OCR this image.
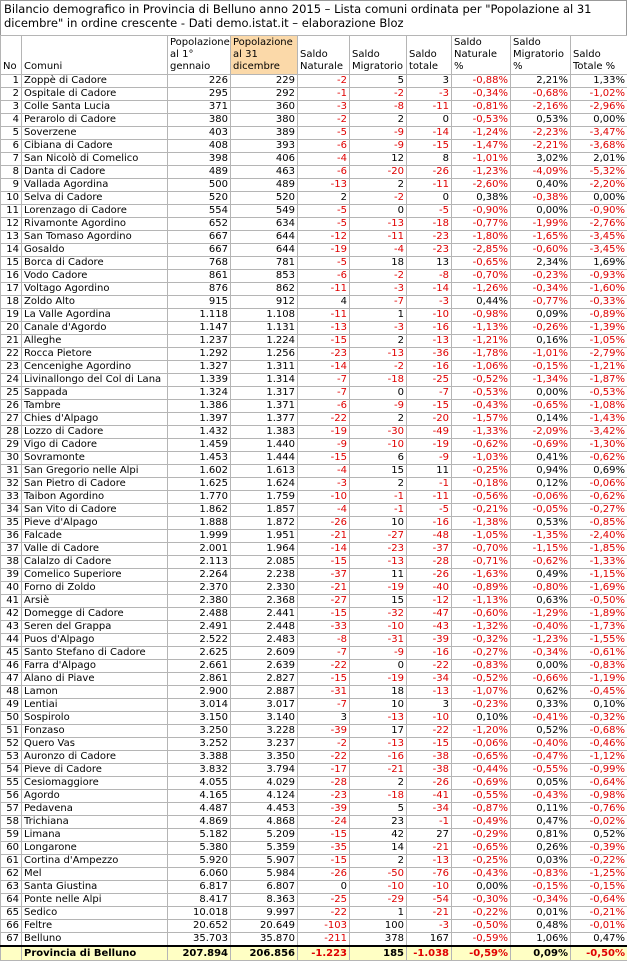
Bilancio demografico in Provincia di Belluno anno 2015 – Lista comuni ordinata per "Popolazione al 31 dicembre" in ordine crescente - Dati demo.istat.it – elaborazione Bloz
No	Comuni	Popolazione al 1° gennaio	Popolazione al 31 dicembre	Saldo Naturale	Saldo Migratorio	Saldo totale	Saldo Naturale %	Saldo Migratorio %	Saldo Totale %
1	Zoppè di Cadore	226	229	-2	5	3	-0,88%	2,21%	1,33%
2	Ospitale di Cadore	295	292	-1	-2	-3	-0,34%	-0,68%	-1,02%
3	Colle Santa Lucia	371	360	-3	-8	-11	-0,81%	-2,16%	-2,96%
4	Perarolo di Cadore	380	380	-2	2	0	-0,53%	0,53%	0,00%
5	Soverzene	403	389	-5	-9	-14	-1,24%	-2,23%	-3,47%
6	Cibiana di Cadore	408	393	-6	-9	-15	-1,47%	-2,21%	-3,68%
7	San Nicolò di Comelico	398	406	-4	12	8	-1,01%	3,02%	2,01%
8	Danta di Cadore	489	463	-6	-20	-26	-1,23%	-4,09%	-5,32%
9	Vallada Agordina	500	489	-13	2	-11	-2,60%	0,40%	-2,20%
10	Selva di Cadore	520	520	2	-2	0	0,38%	-0,38%	0,00%
11	Lorenzago di Cadore	554	549	-5	0	-5	-0,90%	0,00%	-0,90%
12	Rivamonte Agordino	652	634	-5	-13	-18	-0,77%	-1,99%	-2,76%
13	San Tomaso Agordino	667	644	-12	-11	-23	-1,80%	-1,65%	-3,45%
14	Gosaldo	667	644	-19	-4	-23	-2,85%	-0,60%	-3,45%
15	Borca di Cadore	768	781	-5	18	13	-0,65%	2,34%	1,69%
16	Vodo Cadore	861	853	-6	-2	-8	-0,70%	-0,23%	-0,93%
17	Voltago Agordino	876	862	-11	-3	-14	-1,26%	-0,34%	-1,60%
18	Zoldo Alto	915	912	4	-7	-3	0,44%	-0,77%	-0,33%
19	La Valle Agordina	1.118	1.108	-11	1	-10	-0,98%	0,09%	-0,89%
20	Canale d'Agordo	1.147	1.131	-13	-3	-16	-1,13%	-0,26%	-1,39%
21	Alleghe	1.237	1.224	-15	2	-13	-1,21%	0,16%	-1,05%
22	Rocca Pietore	1.292	1.256	-23	-13	-36	-1,78%	-1,01%	-2,79%
23	Cencenighe Agordino	1.327	1.311	-14	-2	-16	-1,06%	-0,15%	-1,21%
24	Livinallongo del Col di Lana	1.339	1.314	-7	-18	-25	-0,52%	-1,34%	-1,87%
25	Sappada	1.324	1.317	-7	0	-7	-0,53%	0,00%	-0,53%
26	Tambre	1.386	1.371	-6	-9	-15	-0,43%	-0,65%	-1,08%
27	Chies d'Alpago	1.397	1.377	-22	2	-20	-1,57%	0,14%	-1,43%
28	Lozzo di Cadore	1.432	1.383	-19	-30	-49	-1,33%	-2,09%	-3,42%
29	Vigo di Cadore	1.459	1.440	-9	-10	-19	-0,62%	-0,69%	-1,30%
30	Sovramonte	1.453	1.444	-15	6	-9	-1,03%	0,41%	-0,62%
31	San Gregorio nelle Alpi	1.602	1.613	-4	15	11	-0,25%	0,94%	0,69%
32	San Pietro di Cadore	1.625	1.624	-3	2	-1	-0,18%	0,12%	-0,06%
33	Taibon Agordino	1.770	1.759	-10	-1	-11	-0,56%	-0,06%	-0,62%
34	San Vito di Cadore	1.862	1.857	-4	-1	-5	-0,21%	-0,05%	-0,27%
35	Pieve d'Alpago	1.888	1.872	-26	10	-16	-1,38%	0,53%	-0,85%
36	Falcade	1.999	1.951	-21	-27	-48	-1,05%	-1,35%	-2,40%
37	Valle di Cadore	2.001	1.964	-14	-23	-37	-0,70%	-1,15%	-1,85%
38	Calalzo di Cadore	2.113	2.085	-15	-13	-28	-0,71%	-0,62%	-1,33%
39	Comelico Superiore	2.264	2.238	-37	11	-26	-1,63%	0,49%	-1,15%
40	Forno di Zoldo	2.370	2.330	-21	-19	-40	-0,89%	-0,80%	-1,69%
41	Arsiè	2.380	2.368	-27	15	-12	-1,13%	0,63%	-0,50%
42	Domegge di Cadore	2.488	2.441	-15	-32	-47	-0,60%	-1,29%	-1,89%
43	Seren del Grappa	2.491	2.448	-33	-10	-43	-1,32%	-0,40%	-1,73%
44	Puos d'Alpago	2.522	2.483	-8	-31	-39	-0,32%	-1,23%	-1,55%
45	Santo Stefano di Cadore	2.625	2.609	-7	-9	-16	-0,27%	-0,34%	-0,61%
46	Farra d'Alpago	2.661	2.639	-22	0	-22	-0,83%	0,00%	-0,83%
47	Alano di Piave	2.861	2.827	-15	-19	-34	-0,52%	-0,66%	-1,19%
48	Lamon	2.900	2.887	-31	18	-13	-1,07%	0,62%	-0,45%
49	Lentiai	3.014	3.017	-7	10	3	-0,23%	0,33%	0,10%
50	Sospirolo	3.150	3.140	3	-13	-10	0,10%	-0,41%	-0,32%
51	Fonzaso	3.250	3.228	-39	17	-22	-1,20%	0,52%	-0,68%
52	Quero Vas	3.252	3.237	-2	-13	-15	-0,06%	-0,40%	-0,46%
53	Auronzo di Cadore	3.388	3.350	-22	-16	-38	-0,65%	-0,47%	-1,12%
54	Pieve di Cadore	3.832	3.794	-17	-21	-38	-0,44%	-0,55%	-0,99%
55	Cesiomaggiore	4.055	4.029	-28	2	-26	-0,69%	0,05%	-0,64%
56	Agordo	4.165	4.124	-23	-18	-41	-0,55%	-0,43%	-0,98%
57	Pedavena	4.487	4.453	-39	5	-34	-0,87%	0,11%	-0,76%
58	Trichiana	4.869	4.868	-24	23	-1	-0,49%	0,47%	-0,02%
59	Limana	5.182	5.209	-15	42	27	-0,29%	0,81%	0,52%
60	Longarone	5.380	5.359	-35	14	-21	-0,65%	0,26%	-0,39%
61	Cortina d'Ampezzo	5.920	5.907	-15	2	-13	-0,25%	0,03%	-0,22%
62	Mel	6.060	5.984	-26	-50	-76	-0,43%	-0,83%	-1,25%
63	Santa Giustina	6.817	6.807	0	-10	-10	0,00%	-0,15%	-0,15%
64	Ponte nelle Alpi	8.417	8.363	-25	-29	-54	-0,30%	-0,34%	-0,64%
65	Sedico	10.018	9.997	-22	1	-21	-0,22%	0,01%	-0,21%
66	Feltre	20.652	20.649	-103	100	-3	-0,50%	0,48%	-0,01%
67	Belluno	35.703	35.870	-211	378	167	-0,59%	1,06%	0,47%
	Provincia di Belluno	207.894	206.856	-1.223	185	-1.038	-0,59%	0,09%	-0,50%
